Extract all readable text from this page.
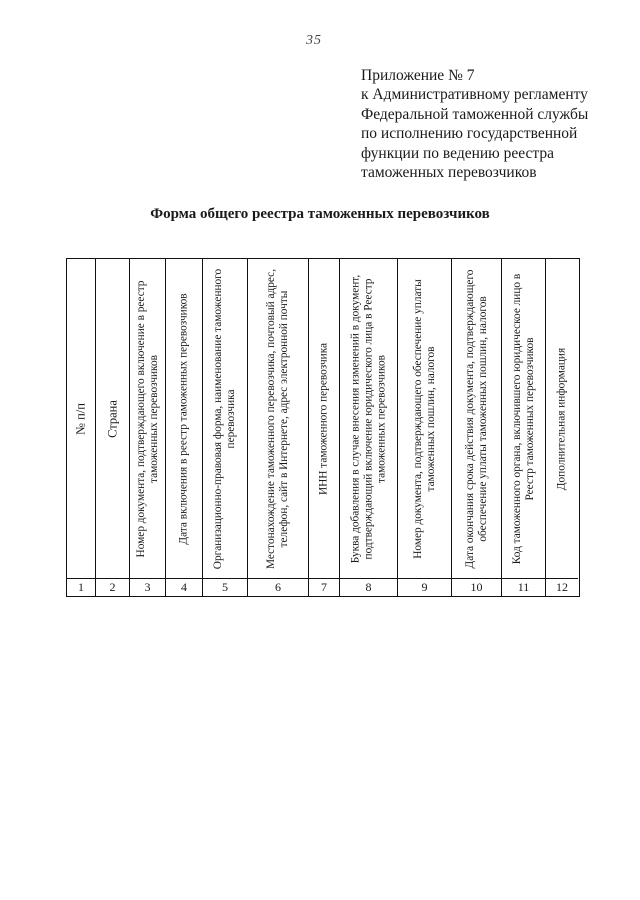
35
Приложение № 7
к Административному регламенту
Федеральной таможенной службы
по исполнению государственной
функции по ведению реестра
таможенных перевозчиков
Форма общего реестра таможенных перевозчиков
№ п/п
1
Страна
2
Номер документа, подтверждающего включение в реестр таможенных перевозчиков
3
Дата включения в реестр таможенных перевозчиков
4
Организационно-правовая форма, наименование таможенного перевозчика
5
Местонахождение таможенного перевозчика, почтовый адрес, телефон, сайт в Интернете, адрес электронной почты
6
ИНН таможенного перевозчика
7
Буква добавления в случае внесения изменений в документ, подтверждающий включение юридического лица в Реестр таможенных перевозчиков
8
Номер документа, подтверждающего обеспечение уплаты таможенных пошлин, налогов
9
Дата окончания срока действия документа, подтверждающего обеспечение уплаты таможенных пошлин, налогов
10
Код таможенного органа, включившего юридическое лицо в Реестр таможенных перевозчиков
11
Дополнительная информация
12
